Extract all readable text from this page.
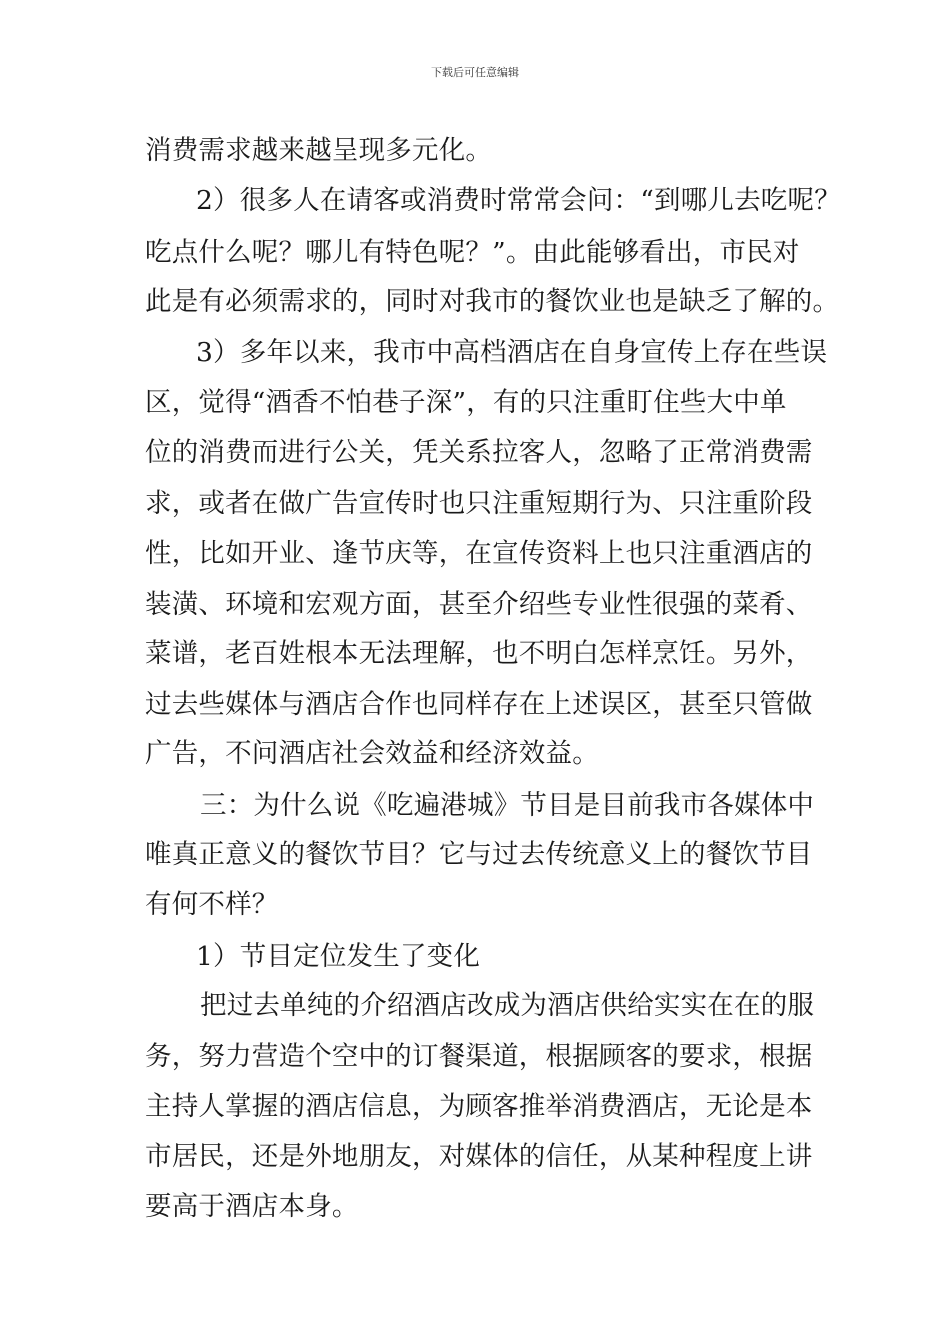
下载后可任意编辑
消费需求越来越呈现多元化。
2）很多人在请客或消费时常常会问：“到哪儿去吃呢？
吃点什么呢？哪儿有特色呢？”。由此能够看出，市民对
此是有必须需求的，同时对我市的餐饮业也是缺乏了解的。
3）多年以来，我市中高档酒店在自身宣传上存在些误
区，觉得“酒香不怕巷子深”，有的只注重盯住些大中单
位的消费而进行公关，凭关系拉客人，忽略了正常消费需
求，或者在做广告宣传时也只注重短期行为、只注重阶段
性，比如开业、逢节庆等，在宣传资料上也只注重酒店的
装潢、环境和宏观方面，甚至介绍些专业性很强的菜肴、
菜谱，老百姓根本无法理解，也不明白怎样烹饪。另外，
过去些媒体与酒店合作也同样存在上述误区，甚至只管做
广告，不问酒店社会效益和经济效益。
三：为什么说《吃遍港城》节目是目前我市各媒体中
唯真正意义的餐饮节目？它与过去传统意义上的餐饮节目
有何不样？
1）节目定位发生了变化
把过去单纯的介绍酒店改成为酒店供给实实在在的服
务，努力营造个空中的订餐渠道，根据顾客的要求，根据
主持人掌握的酒店信息，为顾客推举消费酒店，无论是本
市居民，还是外地朋友，对媒体的信任，从某种程度上讲
要高于酒店本身。
